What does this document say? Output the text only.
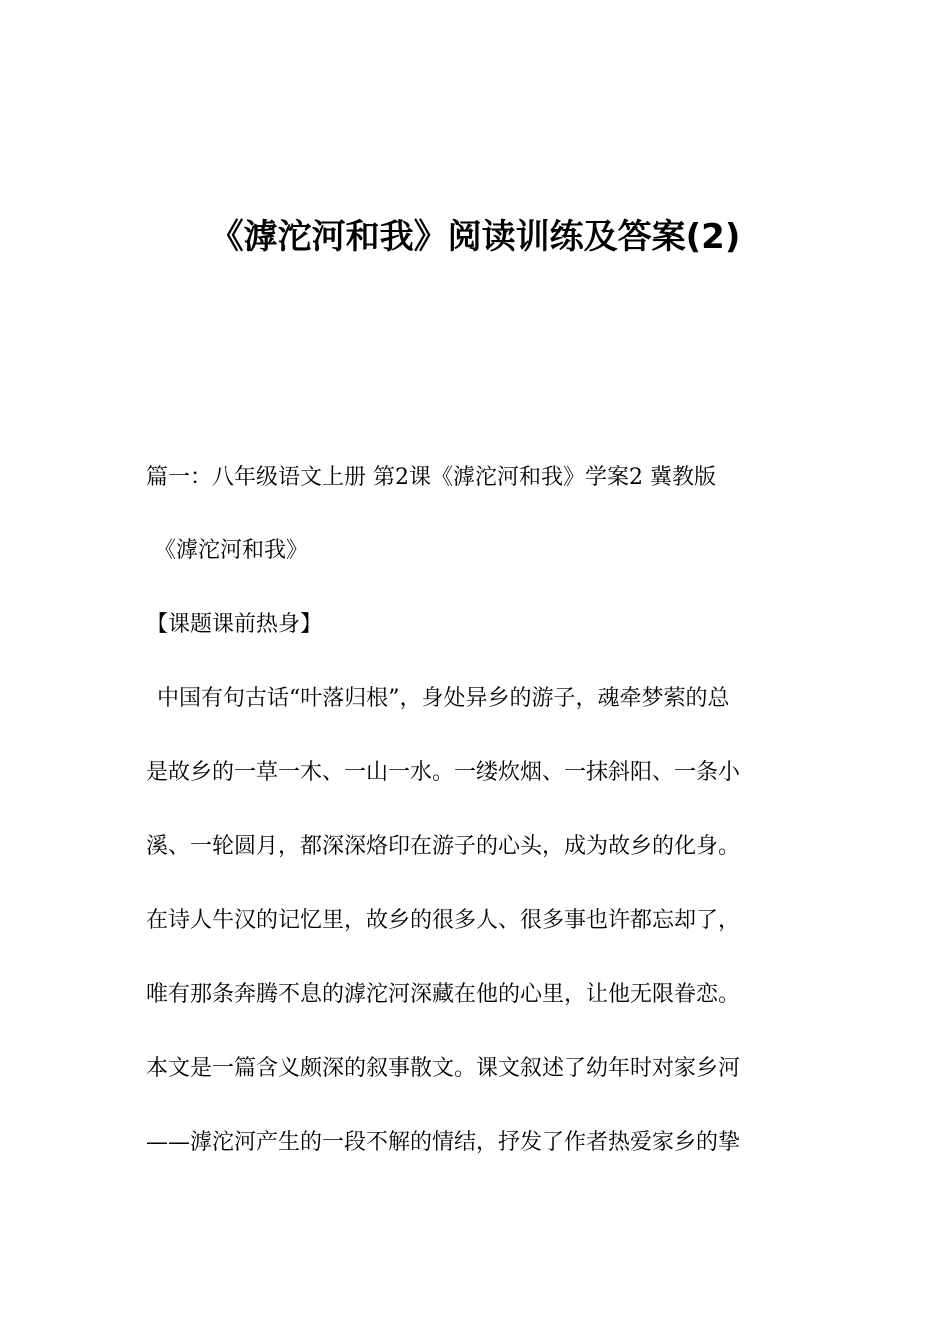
《滹沱河和我》阅读训练及答案(2)

篇一：八年级语文上册 第2课《滹沱河和我》学案2 冀教版

《滹沱河和我》

【课题课前热身】

中国有句古话“叶落归根”，身处异乡的游子，魂牵梦萦的总

是故乡的一草一木、一山一水。一缕炊烟、一抹斜阳、一条小

溪、一轮圆月，都深深烙印在游子的心头，成为故乡的化身。

在诗人牛汉的记忆里，故乡的很多人、很多事也许都忘却了，

唯有那条奔腾不息的滹沱河深藏在他的心里，让他无限眷恋。

本文是一篇含义颇深的叙事散文。课文叙述了幼年时对家乡河

——滹沱河产生的一段不解的情结，抒发了作者热爱家乡的挚
